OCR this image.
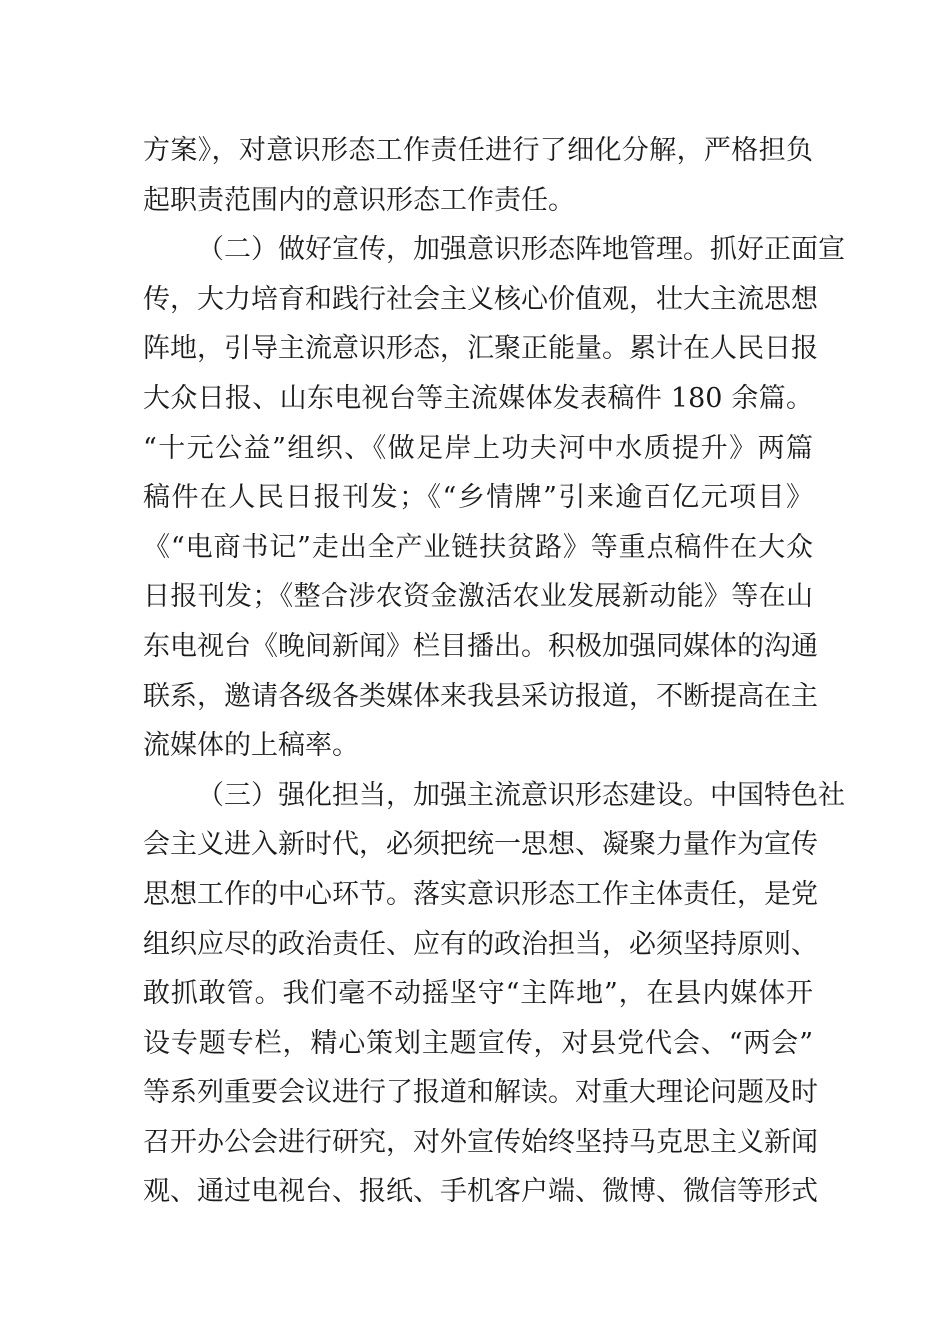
方案》，对意识形态工作责任进行了细化分解，严格担负
起职责范围内的意识形态工作责任。
（二）做好宣传，加强意识形态阵地管理。抓好正面宣
传，大力培育和践行社会主义核心价值观，壮大主流思想
阵地，引导主流意识形态，汇聚正能量。累计在人民日报
大众日报、山东电视台等主流媒体发表稿件 180 余篇。
“十元公益”组织、《做足岸上功夫河中水质提升》两篇
稿件在人民日报刊发；《“乡情牌”引来逾百亿元项目》
《“电商书记”走出全产业链扶贫路》等重点稿件在大众
日报刊发；《整合涉农资金激活农业发展新动能》等在山
东电视台《晚间新闻》栏目播出。积极加强同媒体的沟通
联系，邀请各级各类媒体来我县采访报道，不断提高在主
流媒体的上稿率。
（三）强化担当，加强主流意识形态建设。中国特色社
会主义进入新时代，必须把统一思想、凝聚力量作为宣传
思想工作的中心环节。落实意识形态工作主体责任，是党
组织应尽的政治责任、应有的政治担当，必须坚持原则、
敢抓敢管。我们毫不动摇坚守“主阵地”，在县内媒体开
设专题专栏，精心策划主题宣传，对县党代会、“两会”
等系列重要会议进行了报道和解读。对重大理论问题及时
召开办公会进行研究，对外宣传始终坚持马克思主义新闻
观、通过电视台、报纸、手机客户端、微博、微信等形式
